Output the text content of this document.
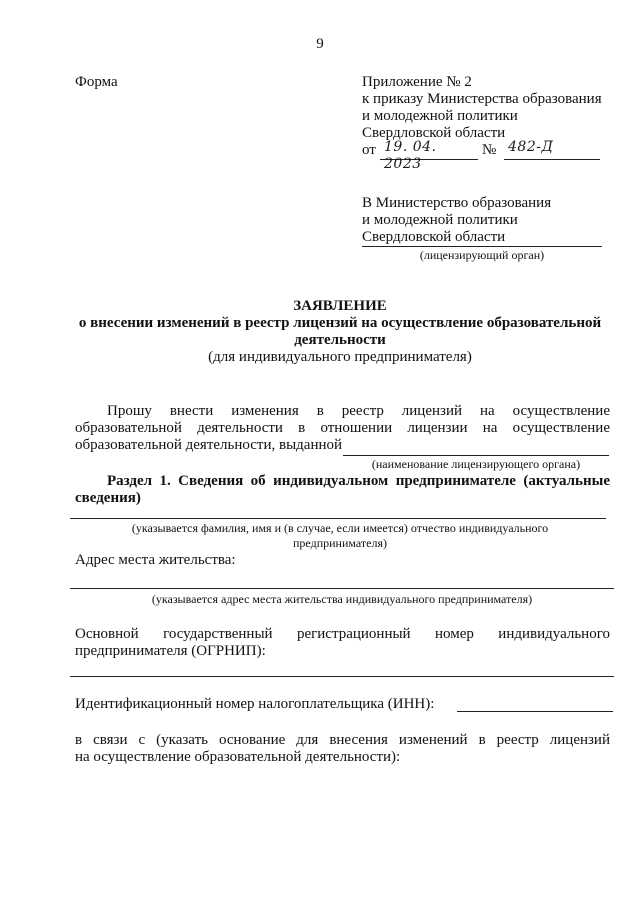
9
Форма	Приложение № 2
к приказу Министерства образования
и молодежной политики
Свердловской области
от 19. 04. 2023
№ 482-Д
В Министерство образования
и молодежной политики
Свердловской области
(лицензирующий орган)
ЗАЯВЛЕНИЕ
о внесении изменений в реестр лицензий на осуществление образовательной
деятельности
(для индивидуального предпринимателя)
Прошу внести изменения в реестр лицензий на осуществление
образовательной деятельности в отношении лицензии на осуществление
образовательной деятельности, выданной
(наименование лицензирующего органа)
Раздел 1. Сведения об индивидуальном предпринимателе (актуальные
сведения)
(указывается фамилия, имя и (в случае, если имеется) отчество индивидуального
предпринимателя)
Адрес места жительства:
(указывается адрес места жительства индивидуального предпринимателя)
Основной государственный регистрационный номер индивидуального
предпринимателя (ОГРНИП):
Идентификационный номер налогоплательщика (ИНН):
в связи с (указать основание для внесения изменений в реестр лицензий
на осуществление образовательной деятельности):
